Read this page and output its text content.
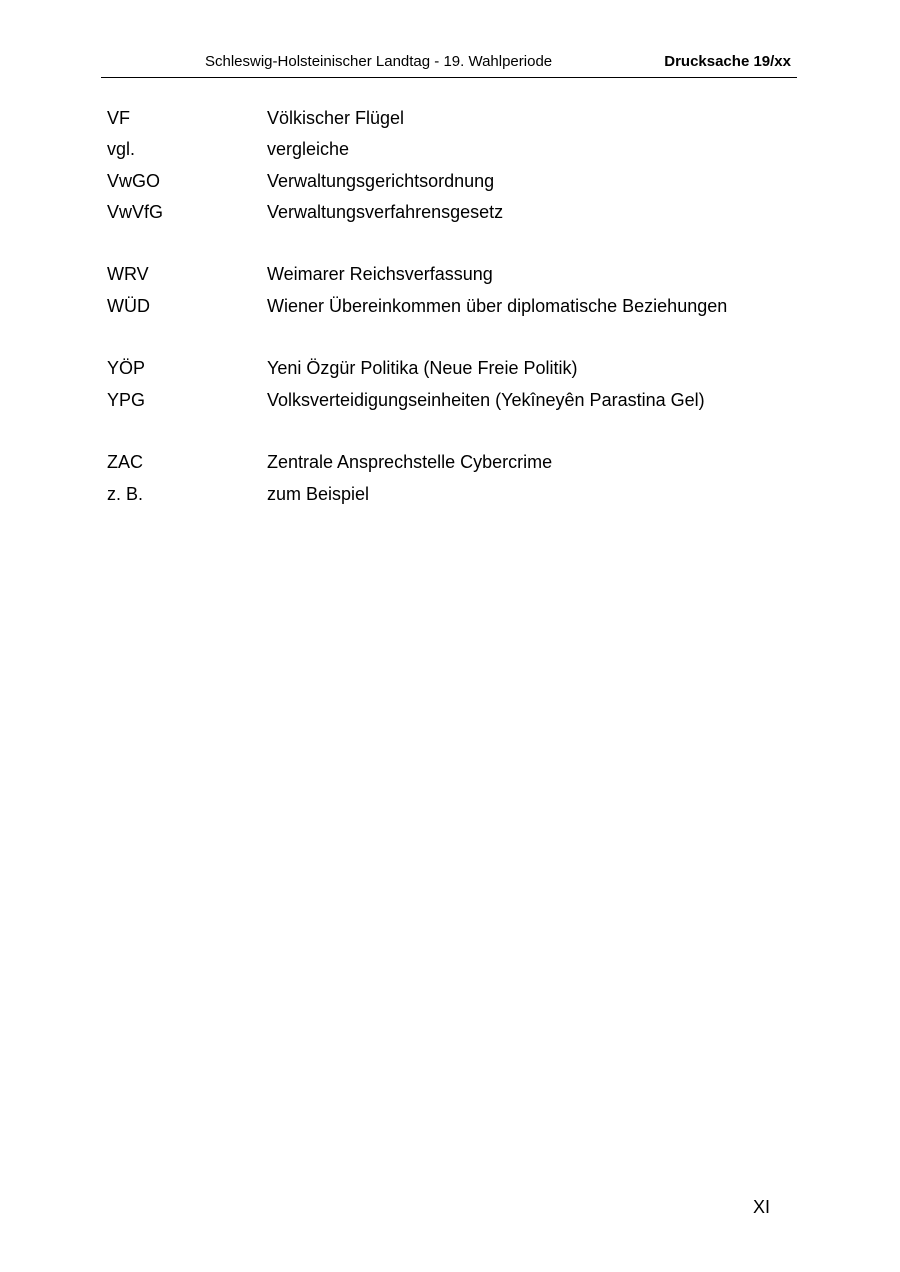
Schleswig-Holsteinischer Landtag - 19. Wahlperiode	Drucksache 19/xx
VF	Völkischer Flügel
vgl.	vergleiche
VwGO	Verwaltungsgerichtsordnung
VwVfG	Verwaltungsverfahrensgesetz
WRV	Weimarer Reichsverfassung
WÜD	Wiener Übereinkommen über diplomatische Beziehungen
YÖP	Yeni Özgür Politika (Neue Freie Politik)
YPG	Volksverteidigungseinheiten (Yekîneyên Parastina Gel)
ZAC	Zentrale Ansprechstelle Cybercrime
z. B.	zum Beispiel
XI
